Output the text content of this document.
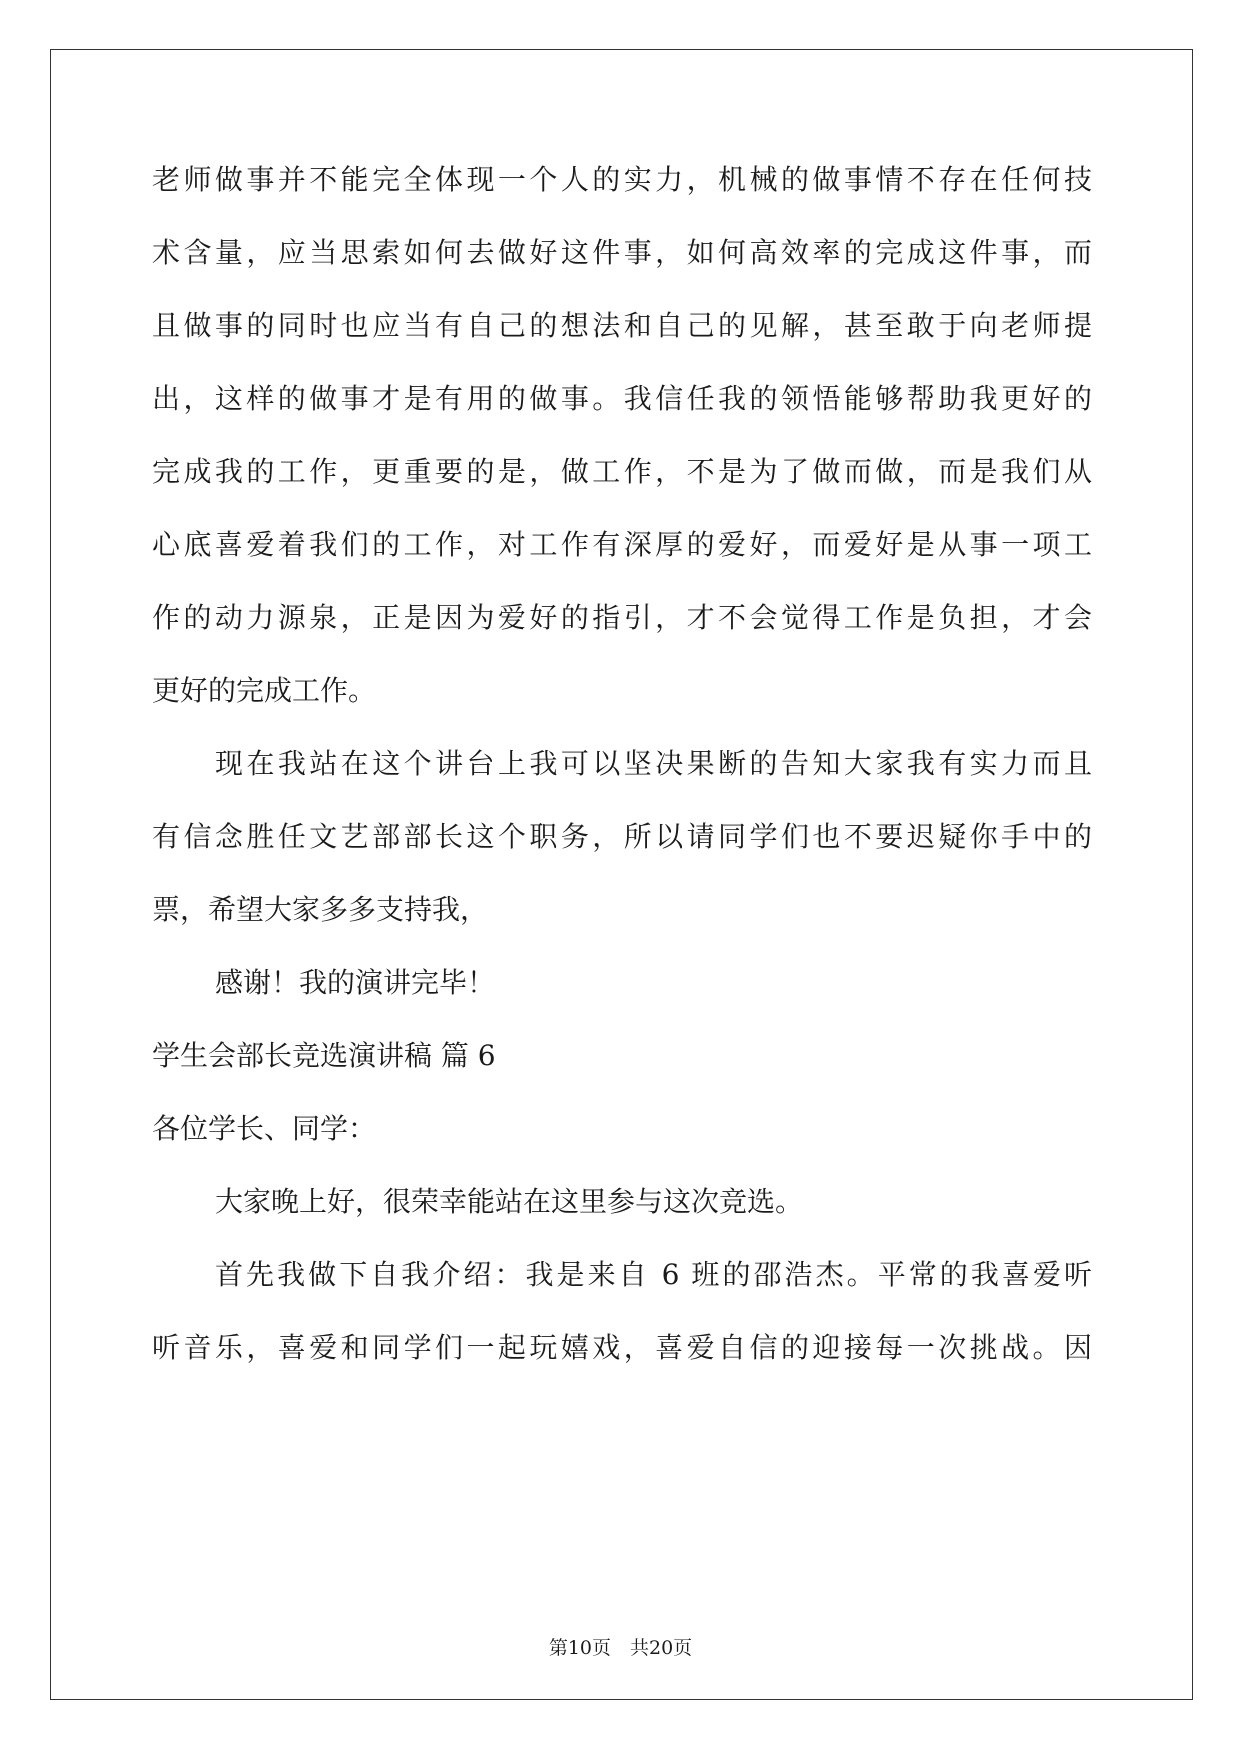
老师做事并不能完全体现一个人的实力，机械的做事情不存在任何技
术含量，应当思索如何去做好这件事，如何高效率的完成这件事，而
且做事的同时也应当有自己的想法和自己的见解，甚至敢于向老师提
出，这样的做事才是有用的做事。我信任我的领悟能够帮助我更好的
完成我的工作，更重要的是，做工作，不是为了做而做，而是我们从
心底喜爱着我们的工作，对工作有深厚的爱好，而爱好是从事一项工
作的动力源泉，正是因为爱好的指引，才不会觉得工作是负担，才会
更好的完成工作。
现在我站在这个讲台上我可以坚决果断的告知大家我有实力而且
有信念胜任文艺部部长这个职务，所以请同学们也不要迟疑你手中的
票，希望大家多多支持我，
感谢！我的演讲完毕！
学生会部长竞选演讲稿 篇 6
各位学长、同学：
大家晚上好，很荣幸能站在这里参与这次竞选。
首先我做下自我介绍：我是来自 6 班的邵浩杰。平常的我喜爱听
听音乐，喜爱和同学们一起玩嬉戏，喜爱自信的迎接每一次挑战。因
第10页　共20页
